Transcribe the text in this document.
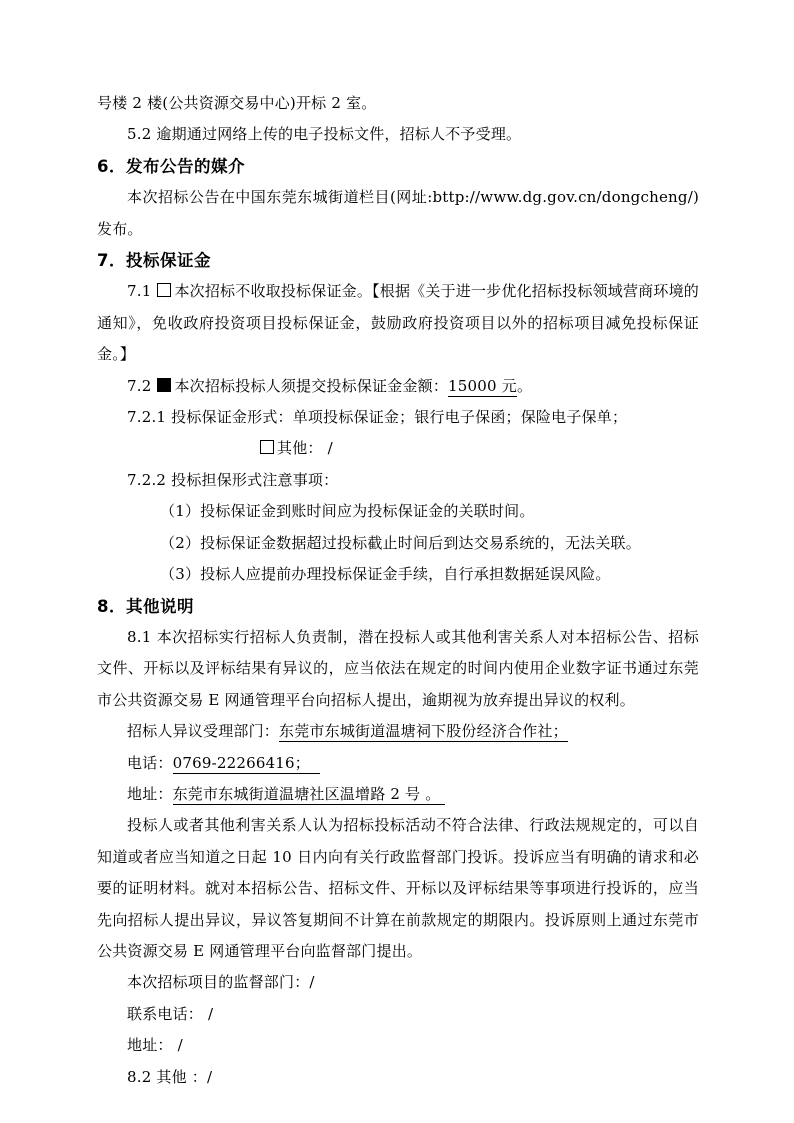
号楼 2 楼(公共资源交易中心)开标 2 室。

5.2 逾期通过网络上传的电子投标文件，招标人不予受理。

6．发布公告的媒介

本次招标公告在中国东莞东城街道栏目(网址:bttp://www.dg.gov.cn/dongcheng/)发布。

7．投标保证金

7.1 本次招标不收取投标保证金。【根据《关于进一步优化招标投标领域营商环境的通知》，免收政府投资项目投标保证金，鼓励政府投资项目以外的招标项目减免投标保证金。】

7.2 本次招标投标人须提交投标保证金金额：15000 元。

7.2.1 投标保证金形式：单项投标保证金；银行电子保函；保险电子保单；

其他： /

7.2.2 投标担保形式注意事项：

（1）投标保证金到账时间应为投标保证金的关联时间。

（2）投标保证金数据超过投标截止时间后到达交易系统的，无法关联。

（3）投标人应提前办理投标保证金手续，自行承担数据延误风险。

8．其他说明

8.1 本次招标实行招标人负责制，潜在投标人或其他利害关系人对本招标公告、招标文件、开标以及评标结果有异议的，应当依法在规定的时间内使用企业数字证书通过东莞市公共资源交易 E 网通管理平台向招标人提出，逾期视为放弃提出异议的权利。

招标人异议受理部门：东莞市东城街道温塘祠下股份经济合作社；

电话：0769-22266416；

地址：东莞市东城街道温塘社区温增路 2 号 。

投标人或者其他利害关系人认为招标投标活动不符合法律、行政法规规定的，可以自知道或者应当知道之日起 10 日内向有关行政监督部门投诉。投诉应当有明确的请求和必要的证明材料。就对本招标公告、招标文件、开标以及评标结果等事项进行投诉的，应当先向招标人提出异议，异议答复期间不计算在前款规定的期限内。投诉原则上通过东莞市公共资源交易 E 网通管理平台向监督部门提出。

本次招标项目的监督部门：/

联系电话： /

地址： /

8.2 其他 ：/
